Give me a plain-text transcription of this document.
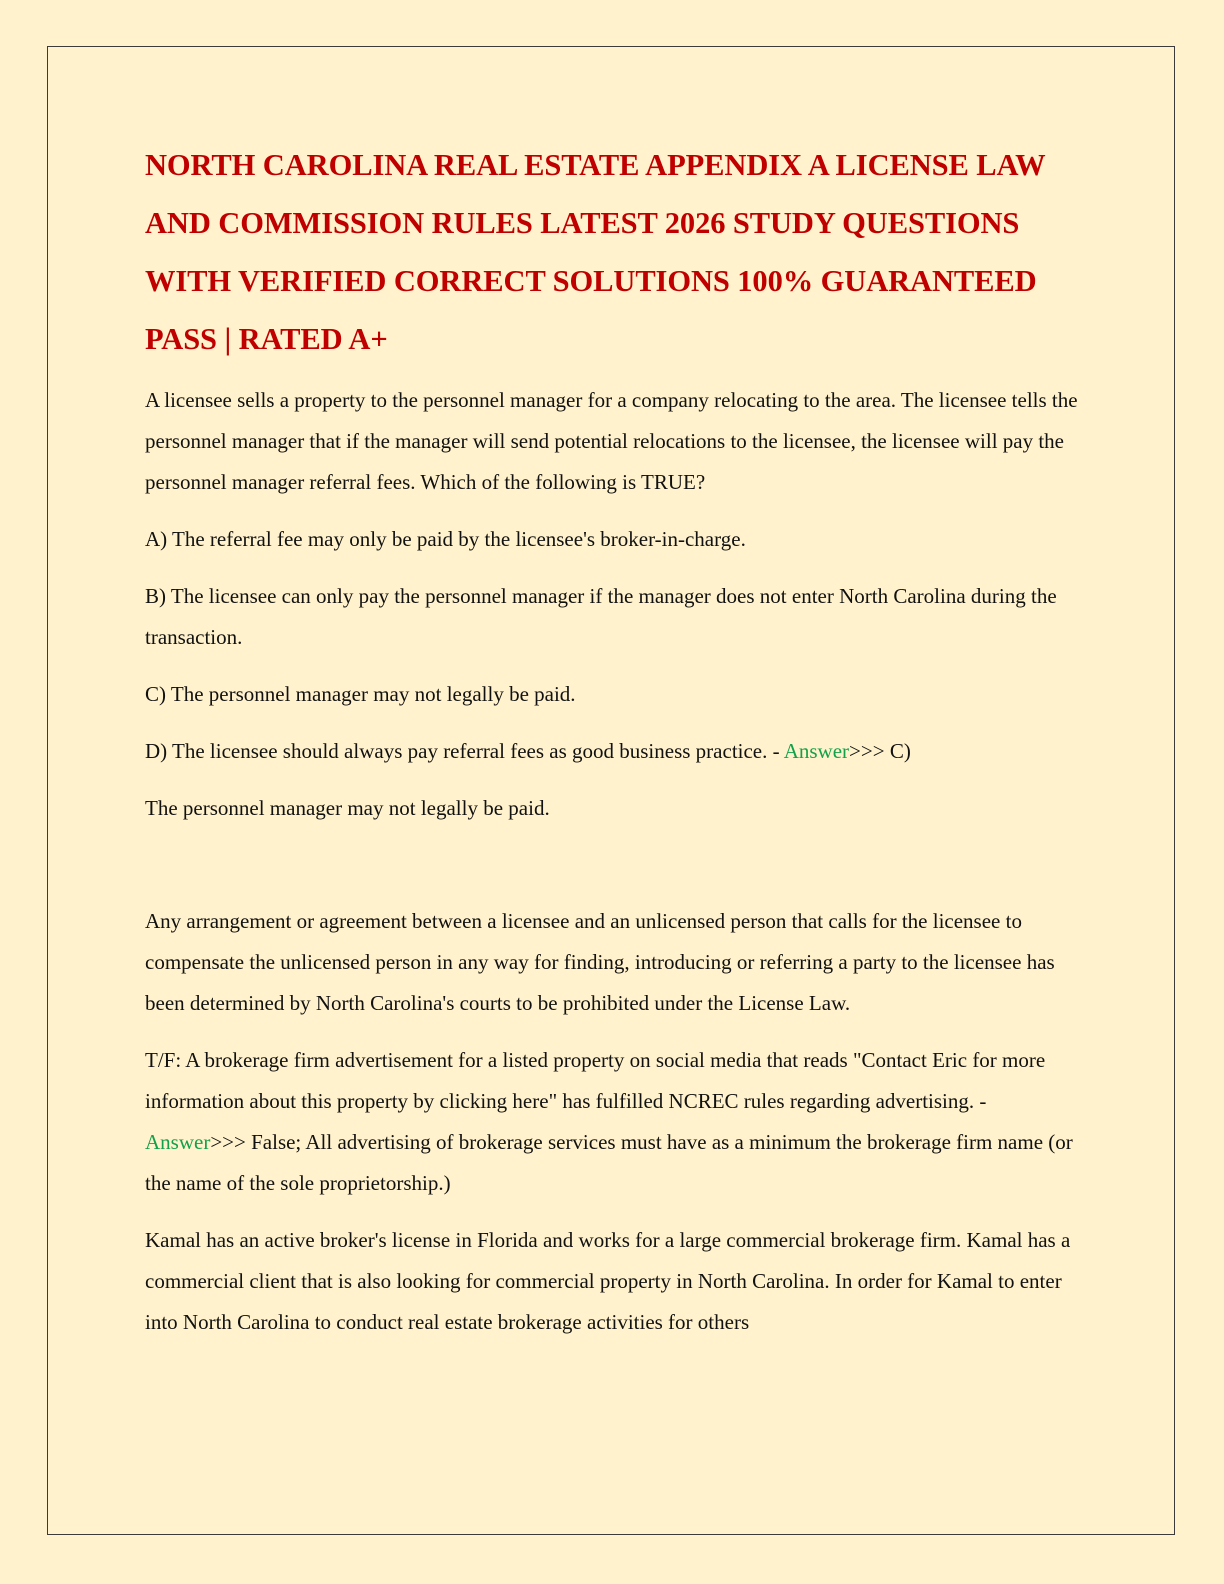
NORTH CAROLINA REAL ESTATE APPENDIX A LICENSE LAW AND COMMISSION RULES LATEST 2026 STUDY QUESTIONS WITH VERIFIED CORRECT SOLUTIONS 100% GUARANTEED PASS | RATED A+

A licensee sells a property to the personnel manager for a company relocating to the area. The licensee tells the personnel manager that if the manager will send potential relocations to the licensee, the licensee will pay the personnel manager referral fees. Which of the following is TRUE?

A) The referral fee may only be paid by the licensee's broker-in-charge.

B) The licensee can only pay the personnel manager if the manager does not enter North Carolina during the transaction.

C) The personnel manager may not legally be paid.

D) The licensee should always pay referral fees as good business practice. - Answer>>> C)

The personnel manager may not legally be paid.

Any arrangement or agreement between a licensee and an unlicensed person that calls for the licensee to compensate the unlicensed person in any way for finding, introducing or referring a party to the licensee has been determined by North Carolina's courts to be prohibited under the License Law.

T/F: A brokerage firm advertisement for a listed property on social media that reads "Contact Eric for more information about this property by clicking here" has fulfilled NCREC rules regarding advertising. - Answer>>> False; All advertising of brokerage services must have as a minimum the brokerage firm name (or the name of the sole proprietorship.)

Kamal has an active broker's license in Florida and works for a large commercial brokerage firm. Kamal has a commercial client that is also looking for commercial property in North Carolina. In order for Kamal to enter into North Carolina to conduct real estate brokerage activities for others
